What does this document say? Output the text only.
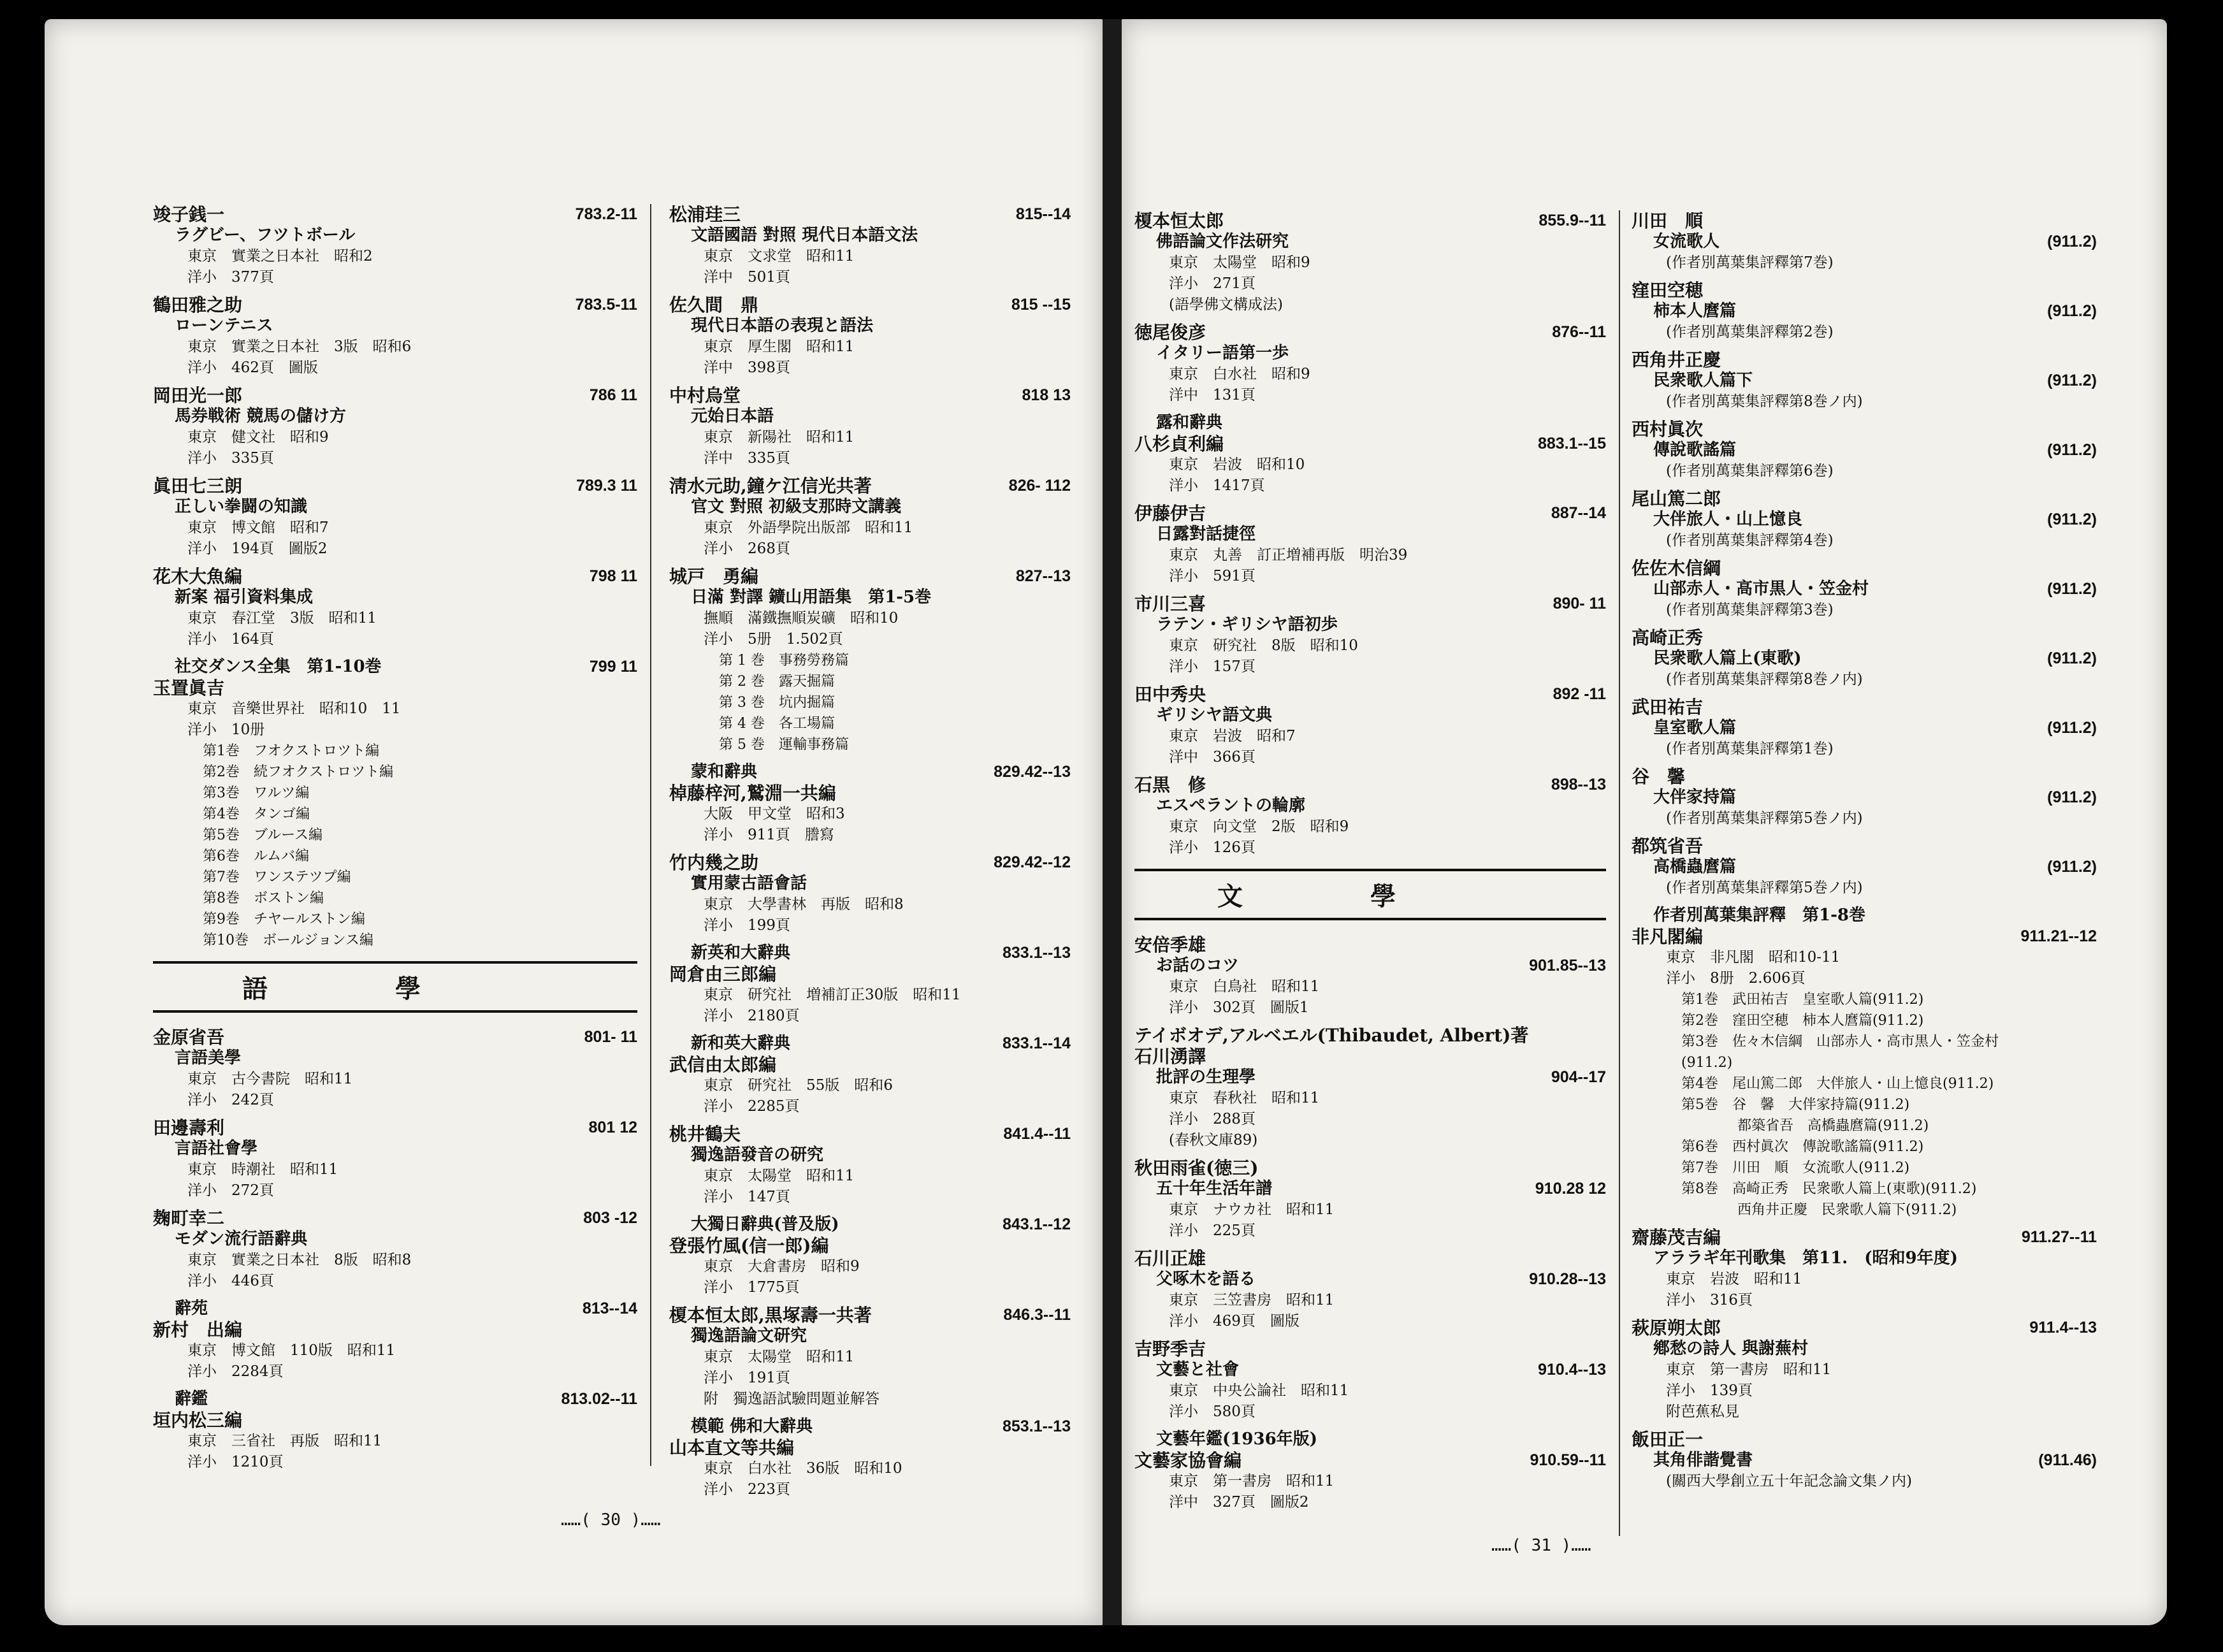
竣子銭一	783.2-11
ラグビー、フツトボール
東京　實業之日本社　昭和2
洋小　377頁
鶴田雅之助	783.5-11
ローンテニス
東京　實業之日本社　3版　昭和6
洋小　462頁　圖版
岡田光一郎	786 11
馬券戦術 競馬の儲け方
東京　健文社　昭和9
洋小　335頁
眞田七三朗	789.3 11
正しい拳闘の知識
東京　博文館　昭和7
洋小　194頁　圖版2
花木大魚編	798 11
新案 福引資料集成
東京　春江堂　3版　昭和11
洋小　164頁
社交ダンス全集　第1-10巻	799 11
玉置眞吉
東京　音樂世界社　昭和10　11
洋小　10册
第1巻　フオクストロツト編
第2巻　続フオクストロツト編
第3巻　ワルツ編
第4巻　タンゴ編
第5巻　ブルース編
第6巻　ルムバ編
第7巻　ワンステツプ編
第8巻　ボストン編
第9巻　チヤールストン編
第10巻　ボールジョンス編
語學
金原省吾	801- 11
言語美學
東京　古今書院　昭和11
洋小　242頁
田邊壽利	801 12
言語社會學
東京　時潮社　昭和11
洋小　272頁
麹町幸二	803 -12
モダン流行語辭典
東京　實業之日本社　8版　昭和8
洋小　446頁
辭苑	813--14
新村　出編
東京　博文館　110版　昭和11
洋小　2284頁
辭鑑	813.02--11
垣内松三編
東京　三省社　再版　昭和11
洋小　1210頁
松浦珪三	815--14
文語國語 對照 現代日本語文法
東京　文求堂　昭和11
洋中　501頁
佐久間　鼎	815 --15
現代日本語の表現と語法
東京　厚生閣　昭和11
洋中　398頁
中村烏堂	818 13
元始日本語
東京　新陽社　昭和11
洋中　335頁
淸水元助,鐘ケ江信光共著	826- 112
官文 對照 初級支那時文講義
東京　外語學院出版部　昭和11
洋小　268頁
城戸　勇編	827--13
日滿 對譯 鑛山用語集　第1-5巻
撫順　滿鐵撫順炭礦　昭和10
洋小　5册　1.502頁
第 1 巻　事務勞務篇
第 2 巻　露天掘篇
第 3 巻　坑内掘篇
第 4 巻　各工場篇
第 5 巻　運輸事務篇
蒙和辭典	829.42--13
棹藤梓河,鷲淵一共編
大阪　甲文堂　昭和3
洋小　911頁　謄寫
竹内幾之助	829.42--12
實用蒙古語會話
東京　大學書林　再版　昭和8
洋小　199頁
新英和大辭典	833.1--13
岡倉由三郎編
東京　研究社　増補訂正30版　昭和11
洋小　2180頁
新和英大辭典	833.1--14
武信由太郎編
東京　研究社　55版　昭和6
洋小　2285頁
桃井鶴夫	841.4--11
獨逸語發音の研究
東京　太陽堂　昭和11
洋小　147頁
大獨日辭典(普及版)	843.1--12
登張竹風(信一郎)編
東京　大倉書房　昭和9
洋小　1775頁
榎本恒太郎,黒塚壽一共著	846.3--11
獨逸語論文研究
東京　太陽堂　昭和11
洋小　191頁
附　獨逸語試驗問題並解答
模範 佛和大辭典	853.1--13
山本直文等共編
東京　白水社　36版　昭和10
洋小　223頁
……( 30 )……
榎本恒太郎	855.9--11
佛語論文作法研究
東京　太陽堂　昭和9
洋小　271頁
(語學佛文構成法)
徳尾俊彦	876--11
イタリー語第一歩
東京　白水社　昭和9
洋中　131頁
露和辭典
八杉貞利編	883.1--15
東京　岩波　昭和10
洋小　1417頁
伊藤伊吉	887--14
日露對話捷徑
東京　丸善　訂正増補再版　明治39
洋小　591頁
市川三喜	890- 11
ラテン・ギリシヤ語初歩
東京　研究社　8版　昭和10
洋小　157頁
田中秀央	892 -11
ギリシヤ語文典
東京　岩波　昭和7
洋中　366頁
石黒　修	898--13
エスペラントの輪廓
東京　向文堂　2版　昭和9
洋小　126頁
文學
安倍季雄
お話のコツ	901.85--13
東京　白鳥社　昭和11
洋小　302頁　圖版1
テイボオデ,アルベエル(Thibaudet, Albert)著
石川湧譯
批評の生理學	904--17
東京　春秋社　昭和11
洋小　288頁
(春秋文庫89)
秋田雨雀(徳三)
五十年生活年譜	910.28 12
東京　ナウカ社　昭和11
洋小　225頁
石川正雄
父啄木を語る	910.28--13
東京　三笠書房　昭和11
洋小　469頁　圖版
吉野季吉
文藝と社會	910.4--13
東京　中央公論社　昭和11
洋小　580頁
文藝年鑑(1936年版)
文藝家協會編	910.59--11
東京　第一書房　昭和11
洋中　327頁　圖版2
川田　順
女流歌人	(911.2)
(作者別萬葉集評釋第7巻)
窪田空穂
柿本人麿篇	(911.2)
(作者別萬葉集評釋第2巻)
西角井正慶
民衆歌人篇下	(911.2)
(作者別萬葉集評釋第8巻ノ内)
西村眞次
傳說歌謠篇	(911.2)
(作者別萬葉集評釋第6巻)
尾山篤二郎
大伴旅人・山上憶良	(911.2)
(作者別萬葉集評釋第4巻)
佐佐木信綱
山部赤人・高市黒人・笠金村	(911.2)
(作者別萬葉集評釋第3巻)
高崎正秀
民衆歌人篇上(東歌)	(911.2)
(作者別萬葉集評釋第8巻ノ内)
武田祐吉
皇室歌人篇	(911.2)
(作者別萬葉集評釋第1巻)
谷　馨
大伴家持篇	(911.2)
(作者別萬葉集評釋第5巻ノ内)
都筑省吾
高橋蟲麿篇	(911.2)
(作者別萬葉集評釋第5巻ノ内)
作者別萬葉集評釋　第1-8巻
非凡閣編	911.21--12
東京　非凡閣　昭和10-11
洋小　8册　2.606頁
第1巻　武田祐吉　皇室歌人篇(911.2)
第2巻　窪田空穂　柿本人麿篇(911.2)
第3巻　佐々木信綱　山部赤人・高市黒人・笠金村
(911.2)
第4巻　尾山篤二郎　大伴旅人・山上憶良(911.2)
第5巻　谷　馨　大伴家持篇(911.2)
　　　　都築省吾　高橋蟲麿篇(911.2)
第6巻　西村眞次　傳說歌謠篇(911.2)
第7巻　川田　順　女流歌人(911.2)
第8巻　高崎正秀　民衆歌人篇上(東歌)(911.2)
　　　　西角井正慶　民衆歌人篇下(911.2)
齋藤茂吉編	911.27--11
アララギ年刊歌集　第11.　(昭和9年度)
東京　岩波　昭和11
洋小　316頁
萩原朔太郎	911.4--13
鄕愁の詩人 與謝蕪村
東京　第一書房　昭和11
洋小　139頁
附芭蕉私見
飯田正一
其角俳諧覺書	(911.46)
(關西大學創立五十年記念論文集ノ内)
……( 31 )……
